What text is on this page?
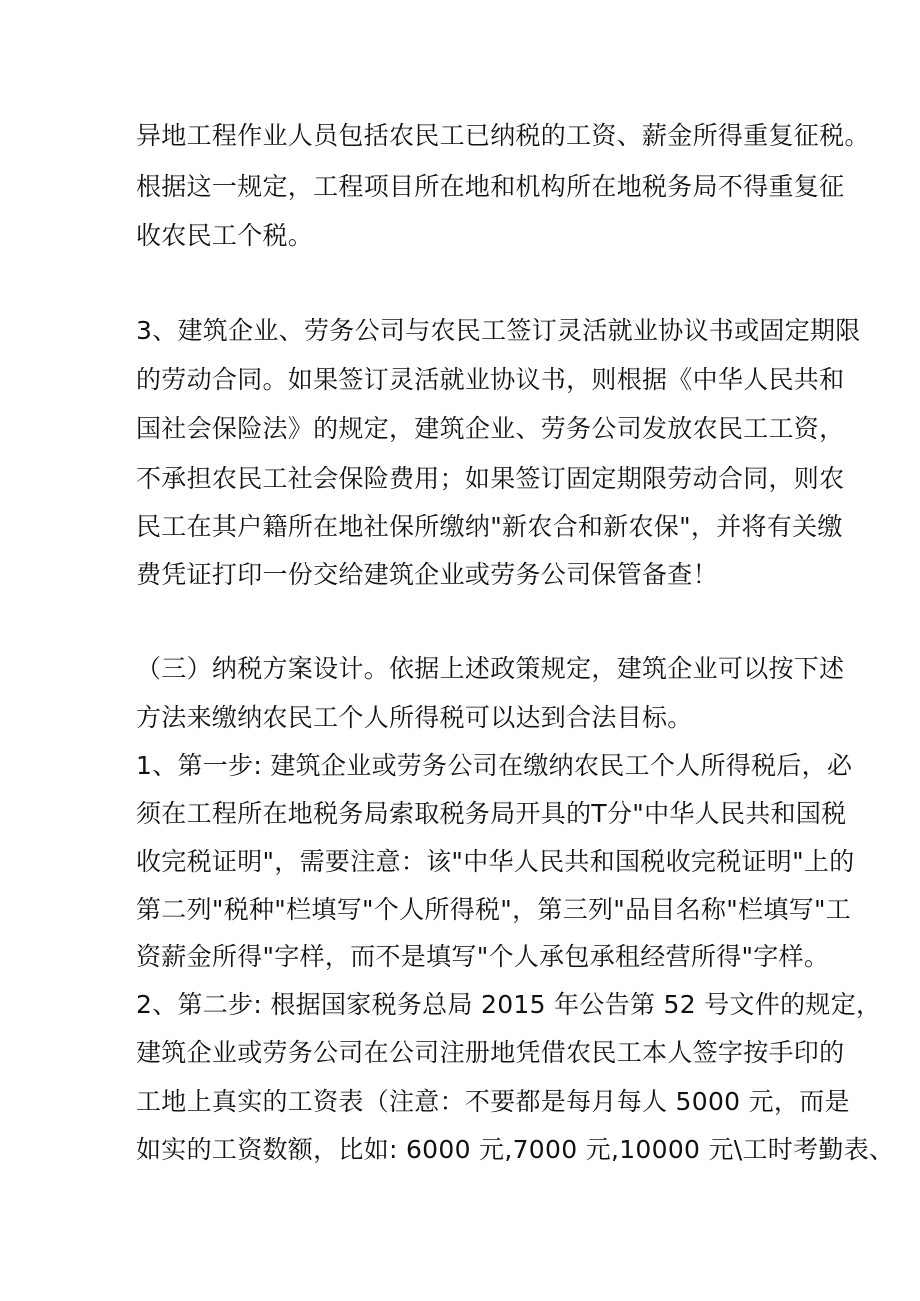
异地工程作业人员包括农民工已纳税的工资、薪金所得重复征税。
根据这一规定，工程项目所在地和机构所在地税务局不得重复征
收农民工个税。
3、建筑企业、劳务公司与农民工签订灵活就业协议书或固定期限
的劳动合同。如果签订灵活就业协议书，则根据《中华人民共和
国社会保险法》的规定，建筑企业、劳务公司发放农民工工资，
不承担农民工社会保险费用；如果签订固定期限劳动合同，则农
民工在其户籍所在地社保所缴纳"新农合和新农保"，并将有关缴
费凭证打印一份交给建筑企业或劳务公司保管备查！
（三）纳税方案设计。依据上述政策规定，建筑企业可以按下述
方法来缴纳农民工个人所得税可以达到合法目标。
1、第一步: 建筑企业或劳务公司在缴纳农民工个人所得税后，必
须在工程所在地税务局索取税务局开具的T分"中华人民共和国税
收完税证明"，需要注意：该"中华人民共和国税收完税证明"上的
第二列"税种"栏填写"个人所得税"，第三列"品目名称"栏填写"工
资薪金所得"字样，而不是填写"个人承包承租经营所得"字样。
2、第二步: 根据国家税务总局 2015 年公告第 52 号文件的规定，
建筑企业或劳务公司在公司注册地凭借农民工本人签字按手印的
工地上真实的工资表（注意：不要都是每月每人 5000 元，而是
如实的工资数额，比如: 6000 元,7000 元,10000 元\工时考勤表、
